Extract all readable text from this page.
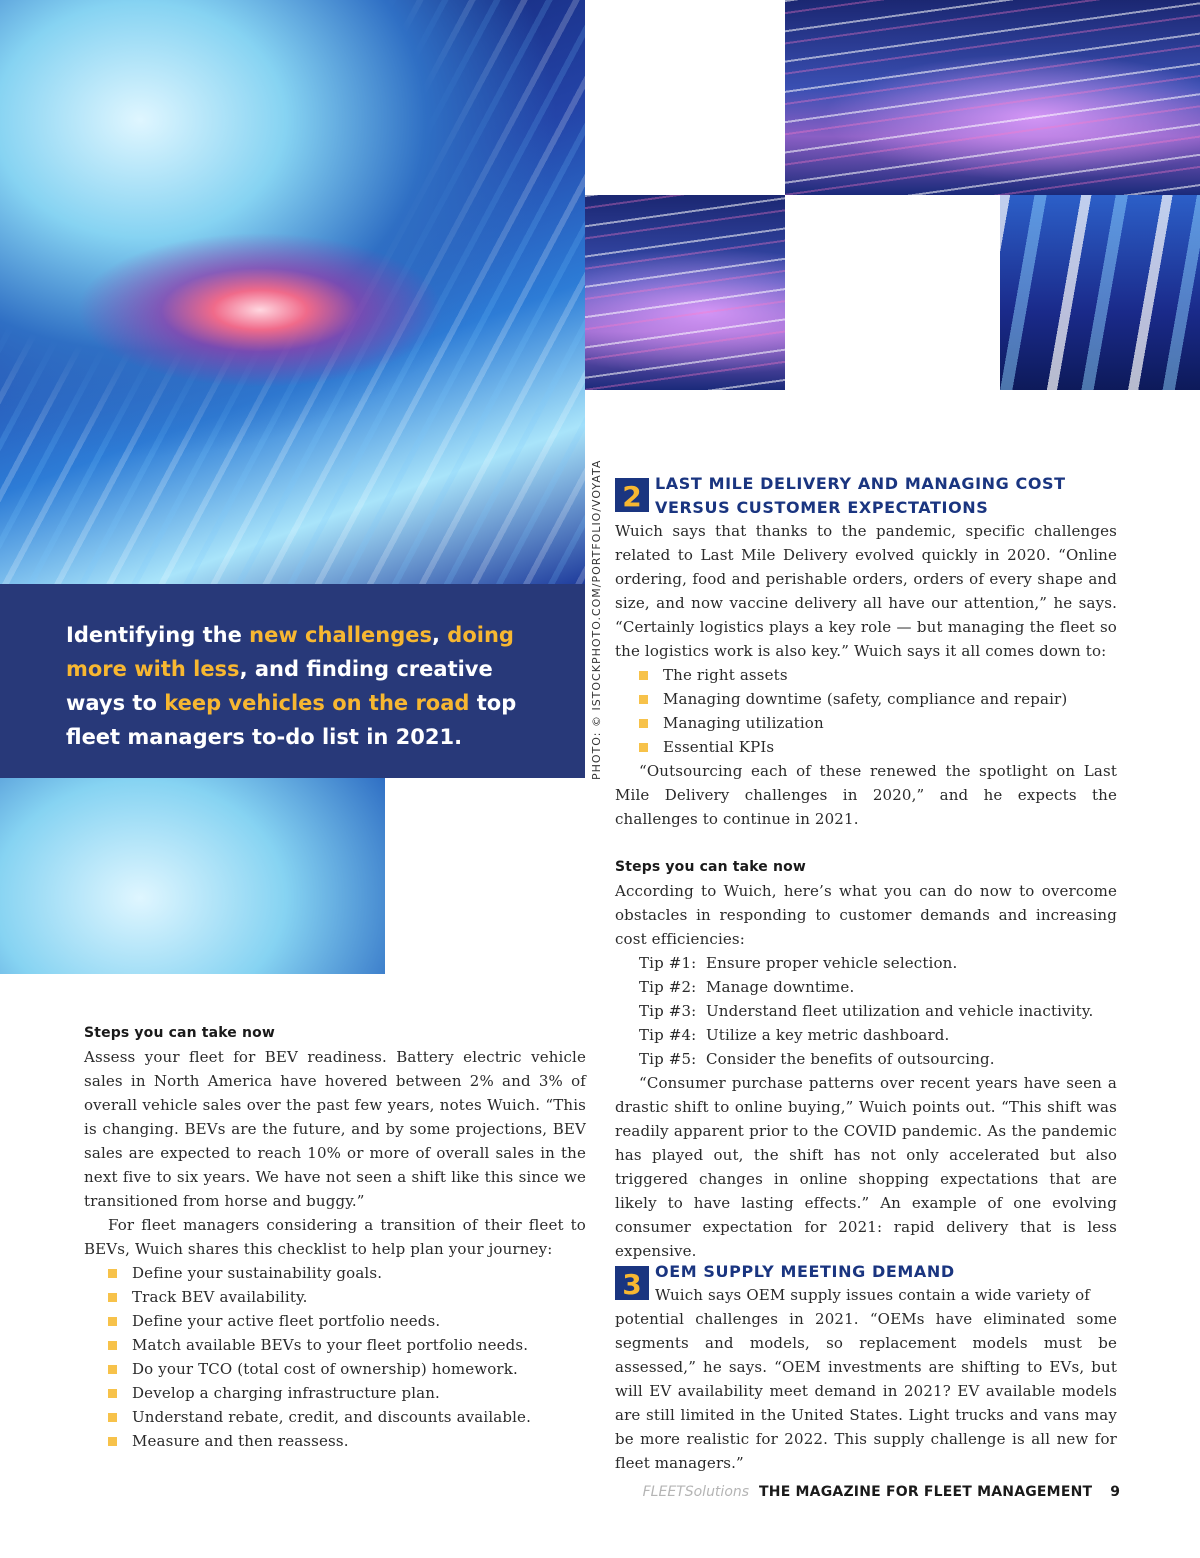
Identifying the new challenges, doing more with less, and finding creative ways to keep vehicles on the road top fleet managers to-do list in 2021.	PHOTO: © ISTOCKPHOTO.COM/PORTFOLIO/VOYATA
Steps you can take now

Assess your fleet for BEV readiness. Battery electric vehicle sales in North America have hovered between 2% and 3% of overall vehicle sales over the past few years, notes Wuich. “This is changing. BEVs are the future, and by some projections, BEV sales are expected to reach 10% or more of overall sales in the next five to six years. We have not seen a shift like this since we transitioned from horse and buggy.”

For fleet managers considering a transition of their fleet to BEVs, Wuich shares this checklist to help plan your journey:

Define your sustainability goals.
Track BEV availability.
Define your active fleet portfolio needs.
Match available BEVs to your fleet portfolio needs.
Do your TCO (total cost of ownership) homework.
Develop a charging infrastructure plan.
Understand rebate, credit, and discounts available.
Measure and then reassess.
2 LAST MILE DELIVERY AND MANAGING COST
VERSUS CUSTOMER EXPECTATIONS

Wuich says that thanks to the pandemic, specific challenges related to Last Mile Delivery evolved quickly in 2020. “Online ordering, food and perishable orders, orders of every shape and size, and now vaccine delivery all have our attention,” he says. “Certainly logistics plays a key role — but managing the fleet so the logistics work is also key.” Wuich says it all comes down to:

The right assets
Managing downtime (safety, compliance and repair)
Managing utilization
Essential KPIs

“Outsourcing each of these renewed the spotlight on Last Mile Delivery challenges in 2020,” and he expects the challenges to continue in 2021.

Steps you can take now

According to Wuich, here’s what you can do now to overcome obstacles in responding to customer demands and increasing cost efficiencies:

Tip #1: Ensure proper vehicle selection.
Tip #2: Manage downtime.
Tip #3: Understand fleet utilization and vehicle inactivity.
Tip #4: Utilize a key metric dashboard.
Tip #5: Consider the benefits of outsourcing.

“Consumer purchase patterns over recent years have seen a drastic shift to online buying,” Wuich points out. “This shift was readily apparent prior to the COVID pandemic. As the pandemic has played out, the shift has not only accelerated but also triggered changes in online shopping expectations that are likely to have lasting effects.” An example of one evolving consumer expectation for 2021: rapid delivery that is less expensive.

3 OEM SUPPLY MEETING DEMAND

Wuich says OEM supply issues contain a wide variety of

potential challenges in 2021. “OEMs have eliminated some segments and models, so replacement models must be assessed,” he says. “OEM investments are shifting to EVs, but will EV availability meet demand in 2021? EV available models are still limited in the United States. Light trucks and vans may be more realistic for 2022. This supply challenge is all new for fleet managers.”

FLEETSolutions THE MAGAZINE FOR FLEET MANAGEMENT 9
